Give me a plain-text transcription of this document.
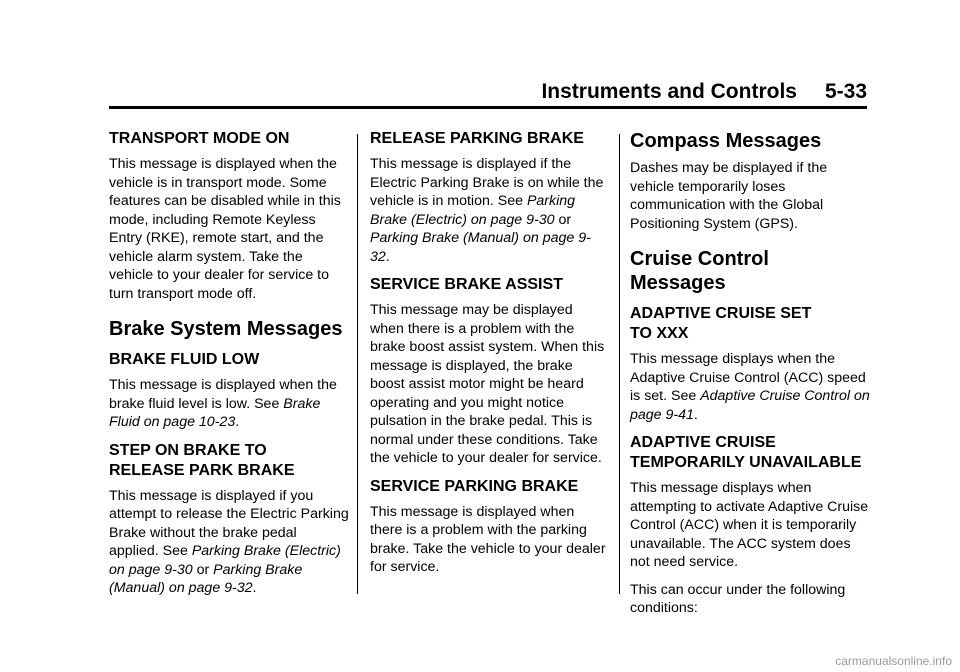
Instruments and Controls 5-33
TRANSPORT MODE ON

This message is displayed when the vehicle is in transport mode. Some features can be disabled while in this mode, including Remote Keyless Entry (RKE), remote start, and the vehicle alarm system. Take the vehicle to your dealer for service to turn transport mode off.

Brake System Messages
BRAKE FLUID LOW

This message is displayed when the brake fluid level is low. See Brake Fluid on page 10-23.

STEP ON BRAKE TO
RELEASE PARK BRAKE

This message is displayed if you attempt to release the Electric Parking Brake without the brake pedal applied. See Parking Brake (Electric) on page 9-30 or Parking Brake (Manual) on page 9-32.

RELEASE PARKING BRAKE

This message is displayed if the Electric Parking Brake is on while the vehicle is in motion. See Parking Brake (Electric) on page 9-30 or Parking Brake (Manual) on page 9-32.

SERVICE BRAKE ASSIST

This message may be displayed when there is a problem with the brake boost assist system. When this message is displayed, the brake boost assist motor might be heard operating and you might notice pulsation in the brake pedal. This is normal under these conditions. Take the vehicle to your dealer for service.

SERVICE PARKING BRAKE

This message is displayed when there is a problem with the parking brake. Take the vehicle to your dealer for service.

Compass Messages

Dashes may be displayed if the vehicle temporarily loses communication with the Global Positioning System (GPS).

Cruise Control Messages
ADAPTIVE CRUISE SET
TO XXX

This message displays when the Adaptive Cruise Control (ACC) speed is set. See Adaptive Cruise Control on page 9-41.

ADAPTIVE CRUISE
TEMPORARILY UNAVAILABLE

This message displays when attempting to activate Adaptive Cruise Control (ACC) when it is temporarily unavailable. The ACC system does not need service.

This can occur under the following conditions:

carmanualsonline.info
